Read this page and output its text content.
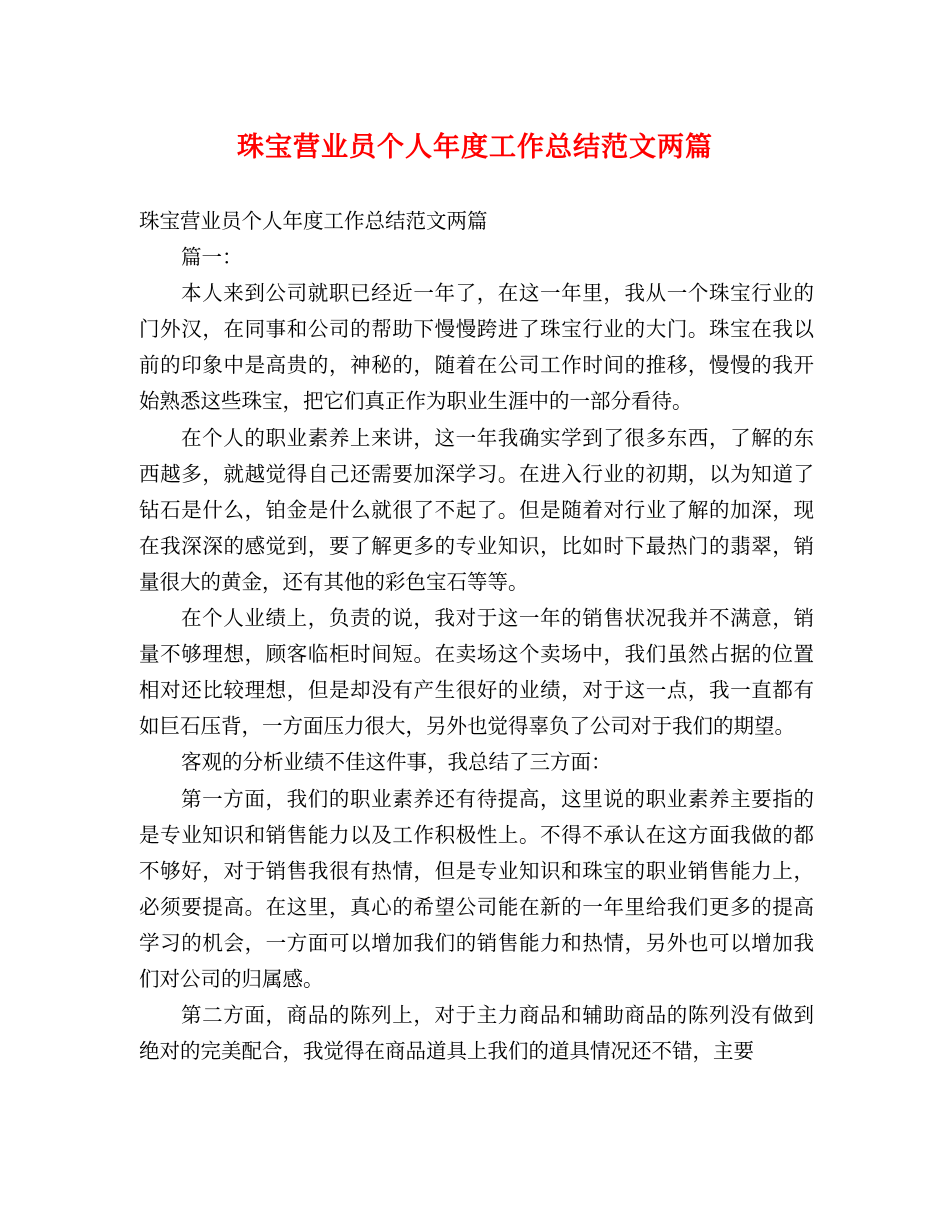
珠宝营业员个人年度工作总结范文两篇

珠宝营业员个人年度工作总结范文两篇

篇一：

本人来到公司就职已经近一年了，在这一年里，我从一个珠宝行业的门外汉，在同事和公司的帮助下慢慢跨进了珠宝行业的大门。珠宝在我以前的印象中是高贵的，神秘的，随着在公司工作时间的推移，慢慢的我开始熟悉这些珠宝，把它们真正作为职业生涯中的一部分看待。

在个人的职业素养上来讲，这一年我确实学到了很多东西，了解的东西越多，就越觉得自己还需要加深学习。在进入行业的初期，以为知道了钻石是什么，铂金是什么就很了不起了。但是随着对行业了解的加深，现在我深深的感觉到，要了解更多的专业知识，比如时下最热门的翡翠，销量很大的黄金，还有其他的彩色宝石等等。

在个人业绩上，负责的说，我对于这一年的销售状况我并不满意，销量不够理想，顾客临柜时间短。在卖场这个卖场中，我们虽然占据的位置相对还比较理想，但是却没有产生很好的业绩，对于这一点，我一直都有如巨石压背，一方面压力很大，另外也觉得辜负了公司对于我们的期望。

客观的分析业绩不佳这件事，我总结了三方面：

第一方面，我们的职业素养还有待提高，这里说的职业素养主要指的是专业知识和销售能力以及工作积极性上。不得不承认在这方面我做的都不够好，对于销售我很有热情，但是专业知识和珠宝的职业销售能力上，必须要提高。在这里，真心的希望公司能在新的一年里给我们更多的提高学习的机会，一方面可以增加我们的销售能力和热情，另外也可以增加我们对公司的归属感。

第二方面，商品的陈列上，对于主力商品和辅助商品的陈列没有做到绝对的完美配合，我觉得在商品道具上我们的道具情况还不错，主要
